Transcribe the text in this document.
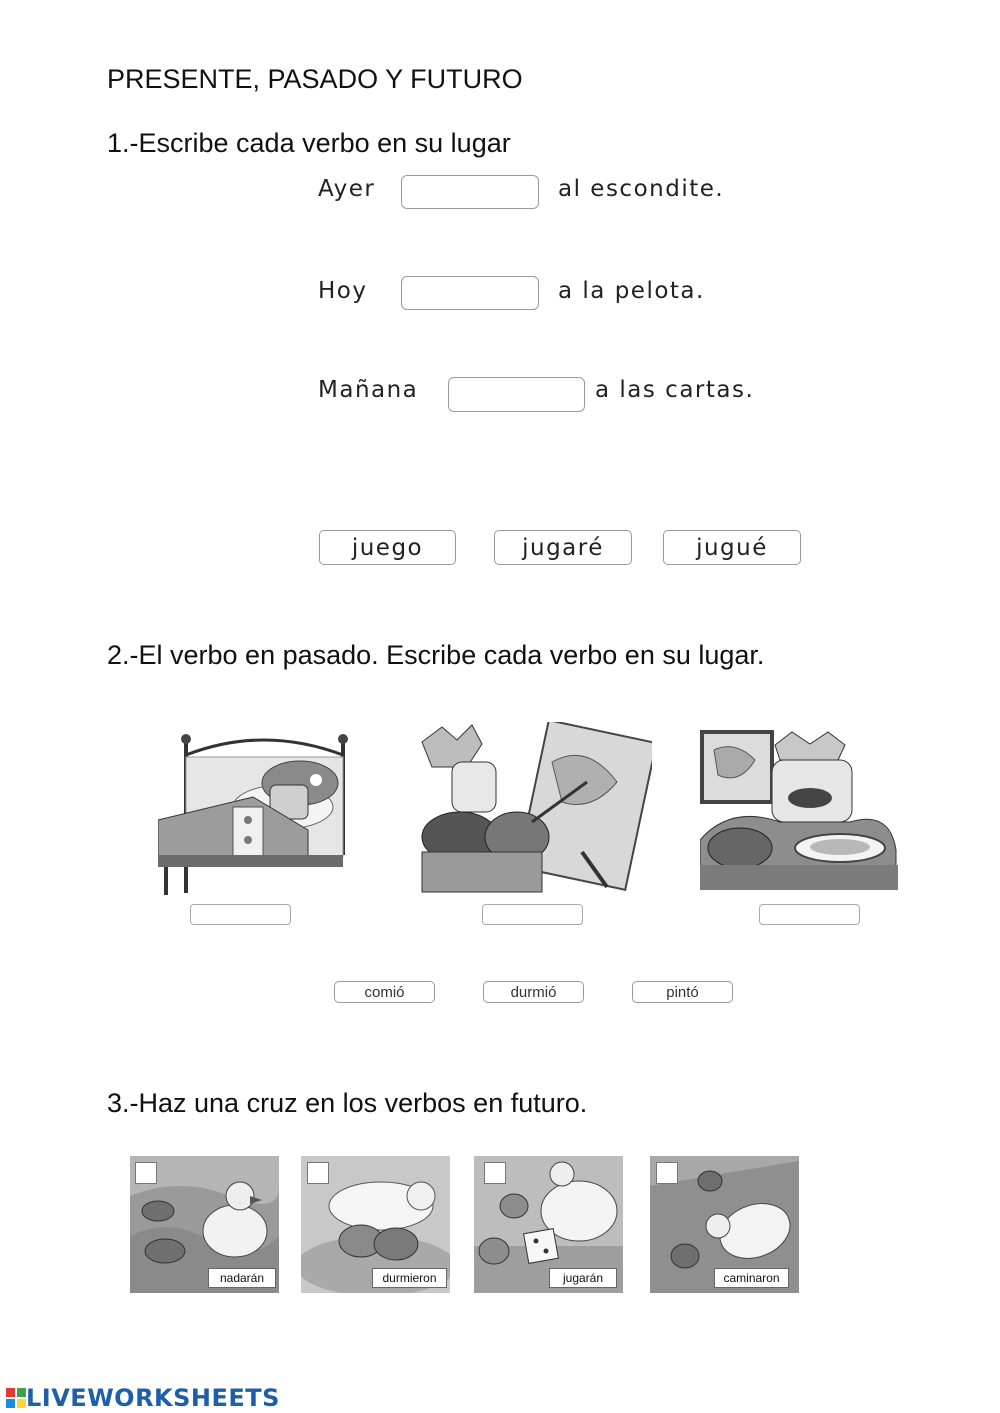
PRESENTE, PASADO Y FUTURO
1.-Escribe cada verbo en su lugar
Ayer	al escondite.
Hoy	a la pelota.
Mañana	a las cartas.
juego	jugaré	jugué
2.-El verbo en pasado. Escribe cada verbo en su lugar.
comió	durmió	pintó
3.-Haz una cruz en los verbos en futuro.
nadarán	durmieron	jugarán	caminaron
LIVEWORKSHEETS
